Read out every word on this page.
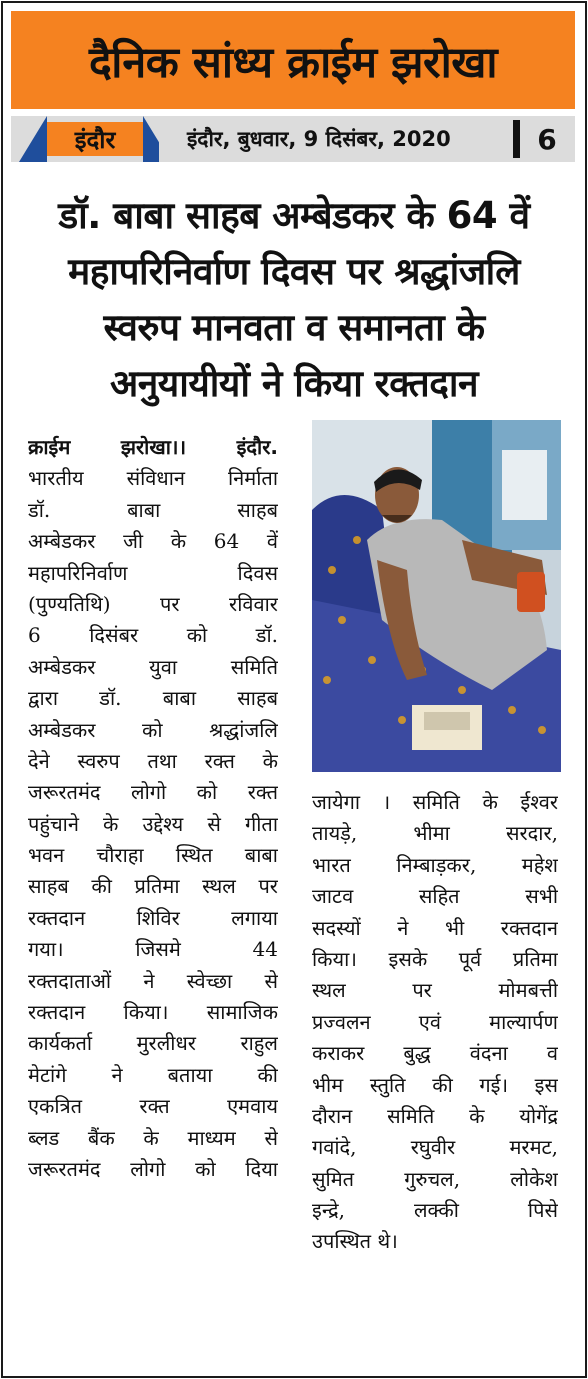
दैनिक सांध्य क्राईम झरोखा
इंदौर	इंदौर, बुधवार, 9 दिसंबर, 2020	6
डॉ. बाबा साहब अम्बेडकर के 64 वें
महापरिनिर्वाण दिवस पर श्रद्धांजलि
स्वरुप मानवता व समानता के
अनुयायीयों ने किया रक्तदान
क्राईम झरोखा।। इंदौर.
भारतीय संविधान निर्माता
डॉ. बाबा साहब
अम्बेडकर जी के 64 वें
महापरिनिर्वाण दिवस
(पुण्यतिथि) पर रविवार
6 दिसंबर को डॉ.
अम्बेडकर युवा समिति
द्वारा डॉ. बाबा साहब
अम्बेडकर को श्रद्धांजलि
देने स्वरुप तथा रक्त के
जरूरतमंद लोगो को रक्त
पहुंचाने के उद्देश्य से गीता
भवन चौराहा स्थित बाबा
साहब की प्रतिमा स्थल पर
रक्तदान शिविर लगाया
गया। जिसमे 44
रक्तदाताओं ने स्वेच्छा से
रक्तदान किया। सामाजिक
कार्यकर्ता मुरलीधर राहुल
मेटांगे ने बताया की
एकत्रित रक्त एमवाय
ब्लड बैंक के माध्यम से
जरूरतमंद लोगो को दिया
जायेगा । समिति के ईश्वर
तायड़े, भीमा सरदार,
भारत निम्बाड़कर, महेश
जाटव सहित सभी
सदस्यों ने भी रक्तदान
किया। इसके पूर्व प्रतिमा
स्थल पर मोमबत्ती
प्रज्वलन एवं माल्यार्पण
कराकर बुद्ध वंदना व
भीम स्तुति की गई। इस
दौरान समिति के योगेंद्र
गवांदे, रघुवीर मरमट,
सुमित गुरुचल, लोकेश
इन्द्रे, लक्की पिसे
उपस्थित थे।
